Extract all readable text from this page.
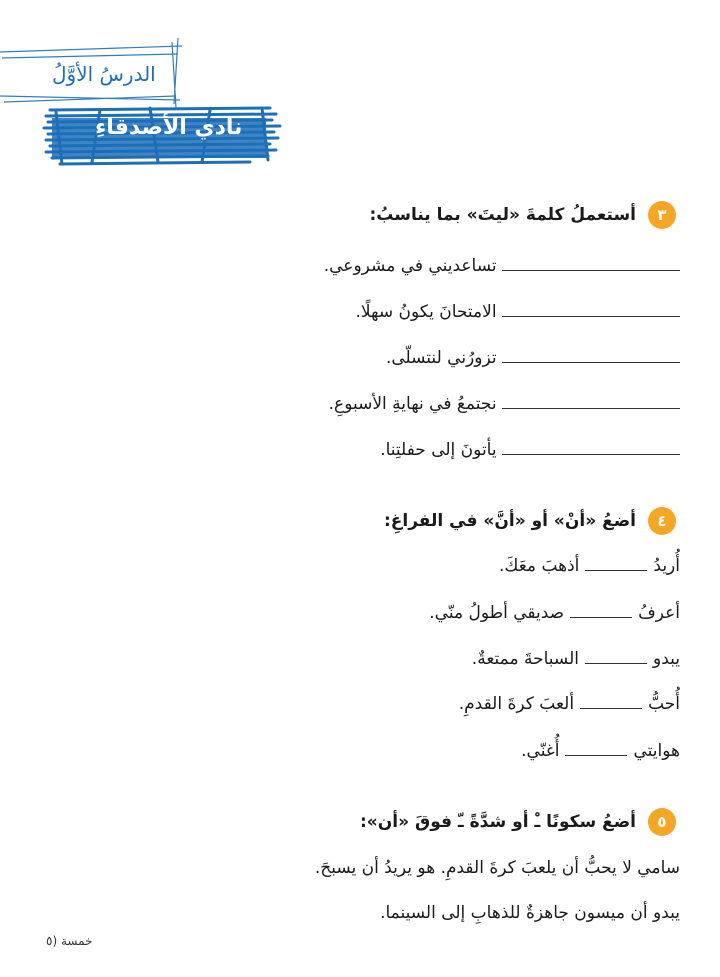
الدرسُ الأوَّلُ
نادي الأصدقاءِ
٣
أستعملُ كلمةَ «ليتَ» بما يناسبُ:
تساعديني في مشروعي.
الامتحانَ يكونُ سهلًا.
تزورُني لنتسلّى.
نجتمعُ في نهايةِ الأسبوعِ.
يأتونَ إلى حفلتِنا.
٤
أضعُ «أنْ» أو «أنَّ» في الفراغِ:
أُريدُأذهبَ معَكَ.
أعرفُصديقي أطولُ منّي.
يبدوالسباحةَ ممتعةٌ.
أُحبُّألعبَ كرةَ القدمِ.
هوايتيأُغنّي.
٥
أضعُ سكونًا ـْ أو شدَّةً ـّ فوقَ «أن»:
سامي لا يحبُّ أن يلعبَ كرةَ القدمِ. هو يريدُ أن يسبحَ.
يبدو أن ميسون جاهزةٌ للذهابِ إلى السينما.
خمسة (٥
